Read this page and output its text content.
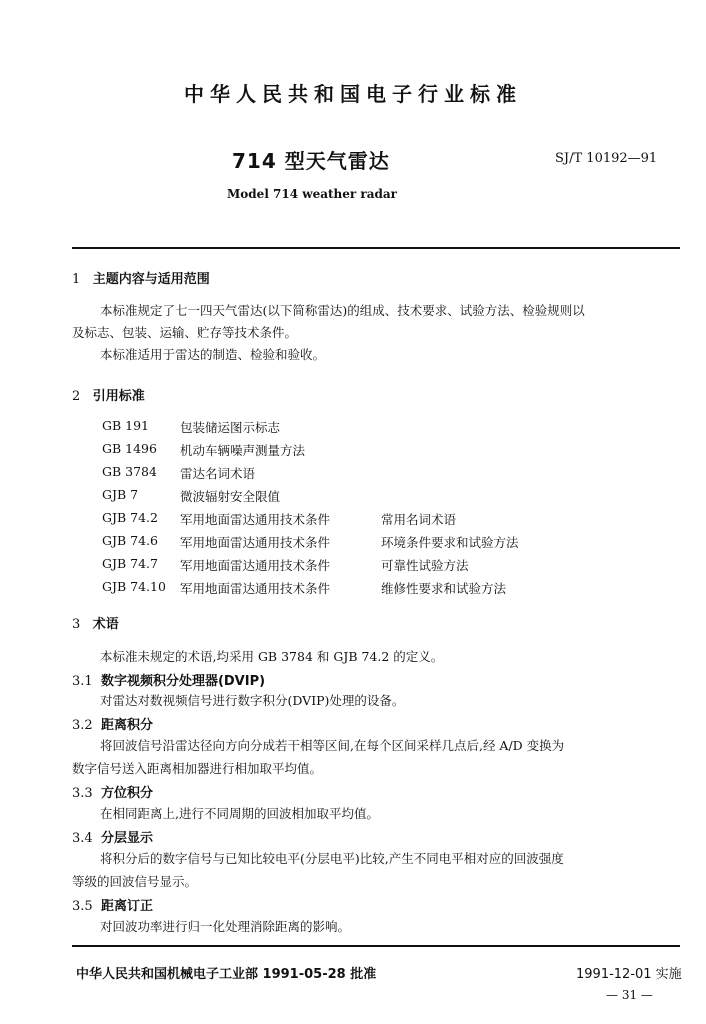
中华人民共和国电子行业标准
714 型天气雷达	SJ/T 10192—91
Model 714 weather radar
1 主题内容与适用范围
本标准规定了七一四天气雷达(以下简称雷达)的组成、技术要求、试验方法、检验规则以
及标志、包装、运输、贮存等技术条件。
本标准适用于雷达的制造、检验和验收。
2 引用标准
GB 191 包装储运图示标志
GB 1496 机动车辆噪声测量方法
GB 3784 雷达名词术语
GJB 7	微波辐射安全限值
GJB 74.2 军用地面雷达通用技术条件	常用名词术语
GJB 74.6 军用地面雷达通用技术条件	环境条件要求和试验方法
GJB 74.7 军用地面雷达通用技术条件	可靠性试验方法
GJB 74.10 军用地面雷达通用技术条件	维修性要求和试验方法
3 术语
本标准未规定的术语,均采用 GB 3784 和 GJB 74.2 的定义。
3.1 数字视频积分处理器(DVIP)
对雷达对数视频信号进行数字积分(DVIP)处理的设备。
3.2 距离积分
将回波信号沿雷达径向方向分成若干相等区间,在每个区间采样几点后,经 A/D 变换为
数字信号送入距离相加器进行相加取平均值。
3.3 方位积分
在相同距离上,进行不同周期的回波相加取平均值。
3.4 分层显示
将积分后的数字信号与已知比较电平(分层电平)比较,产生不同电平相对应的回波强度
等级的回波信号显示。
3.5 距离订正
对回波功率进行归一化处理消除距离的影响。
中华人民共和国机械电子工业部 1991-05-28 批准	1991-12-01 实施
— 31 —
